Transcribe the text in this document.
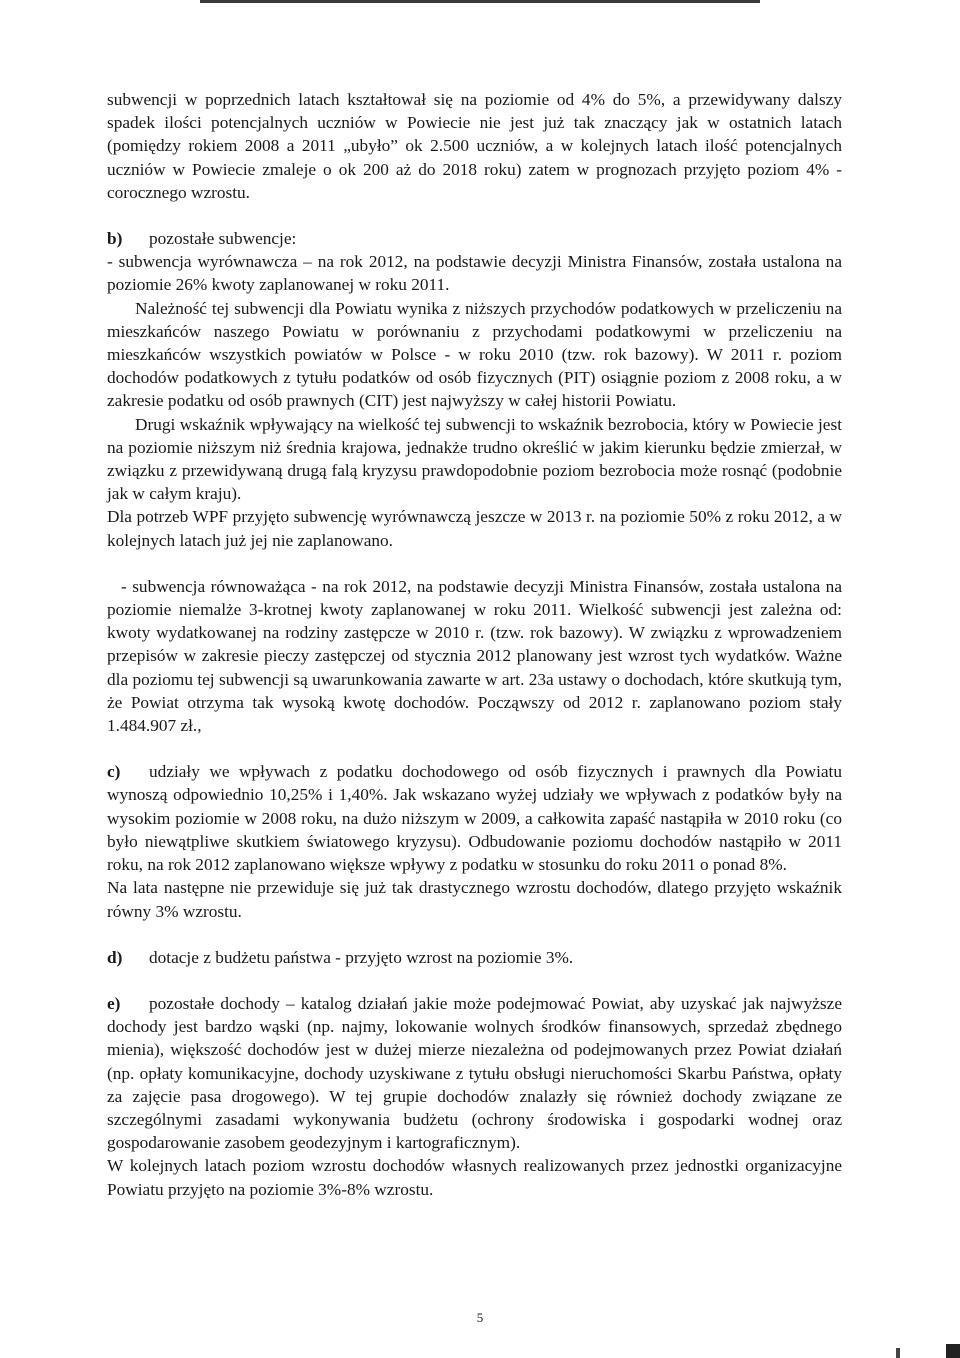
subwencji w poprzednich latach kształtował się na poziomie od 4% do 5%, a przewidywany dalszy spadek ilości potencjalnych uczniów w Powiecie nie jest już tak znaczący jak w ostatnich latach (pomiędzy rokiem 2008 a 2011 „ubyło” ok 2.500 uczniów, a w kolejnych latach ilość potencjalnych uczniów w Powiecie zmaleje o ok 200 aż do 2018 roku) zatem w prognozach przyjęto poziom 4% - corocznego wzrostu.

b) pozostałe subwencje:

- subwencja wyrównawcza – na rok 2012, na podstawie decyzji Ministra Finansów, została ustalona na poziomie 26% kwoty zaplanowanej w roku 2011.

Należność tej subwencji dla Powiatu wynika z niższych przychodów podatkowych w przeliczeniu na mieszkańców naszego Powiatu w porównaniu z przychodami podatkowymi w przeliczeniu na mieszkańców wszystkich powiatów w Polsce - w roku 2010 (tzw. rok bazowy). W 2011 r. poziom dochodów podatkowych z tytułu podatków od osób fizycznych (PIT) osiągnie poziom z 2008 roku, a w zakresie podatku od osób prawnych (CIT) jest najwyższy w całej historii Powiatu.

Drugi wskaźnik wpływający na wielkość tej subwencji to wskaźnik bezrobocia, który w Powiecie jest na poziomie niższym niż średnia krajowa, jednakże trudno określić w jakim kierunku będzie zmierzał, w związku z przewidywaną drugą falą kryzysu prawdopodobnie poziom bezrobocia może rosnąć (podobnie jak w całym kraju).

Dla potrzeb WPF przyjęto subwencję wyrównawczą jeszcze w 2013 r. na poziomie 50% z roku 2012, a w kolejnych latach już jej nie zaplanowano.

- subwencja równoważąca - na rok 2012, na podstawie decyzji Ministra Finansów, została ustalona na poziomie niemalże 3-krotnej kwoty zaplanowanej w roku 2011. Wielkość subwencji jest zależna od: kwoty wydatkowanej na rodziny zastępcze w 2010 r. (tzw. rok bazowy). W związku z wprowadzeniem przepisów w zakresie pieczy zastępczej od stycznia 2012 planowany jest wzrost tych wydatków. Ważne dla poziomu tej subwencji są uwarunkowania zawarte w art. 23a ustawy o dochodach, które skutkują tym, że Powiat otrzyma tak wysoką kwotę dochodów. Począwszy od 2012 r. zaplanowano poziom stały 1.484.907 zł.,

c) udziały we wpływach z podatku dochodowego od osób fizycznych i prawnych dla Powiatu wynoszą odpowiednio 10,25% i 1,40%. Jak wskazano wyżej udziały we wpływach z podatków były na wysokim poziomie w 2008 roku, na dużo niższym w 2009, a całkowita zapaść nastąpiła w 2010 roku (co było niewątpliwe skutkiem światowego kryzysu). Odbudowanie poziomu dochodów nastąpiło w 2011 roku, na rok 2012 zaplanowano większe wpływy z podatku w stosunku do roku 2011 o ponad 8%.

Na lata następne nie przewiduje się już tak drastycznego wzrostu dochodów, dlatego przyjęto wskaźnik równy 3% wzrostu.

d) dotacje z budżetu państwa - przyjęto wzrost na poziomie 3%.

e) pozostałe dochody – katalog działań jakie może podejmować Powiat, aby uzyskać jak najwyższe dochody jest bardzo wąski (np. najmy, lokowanie wolnych środków finansowych, sprzedaż zbędnego mienia), większość dochodów jest w dużej mierze niezależna od podejmowanych przez Powiat działań (np. opłaty komunikacyjne, dochody uzyskiwane z tytułu obsługi nieruchomości Skarbu Państwa, opłaty za zajęcie pasa drogowego). W tej grupie dochodów znalazły się również dochody związane ze szczególnymi zasadami wykonywania budżetu (ochrony środowiska i gospodarki wodnej oraz gospodarowanie zasobem geodezyjnym i kartograficznym).

W kolejnych latach poziom wzrostu dochodów własnych realizowanych przez jednostki organizacyjne Powiatu przyjęto na poziomie 3%-8% wzrostu.

5
